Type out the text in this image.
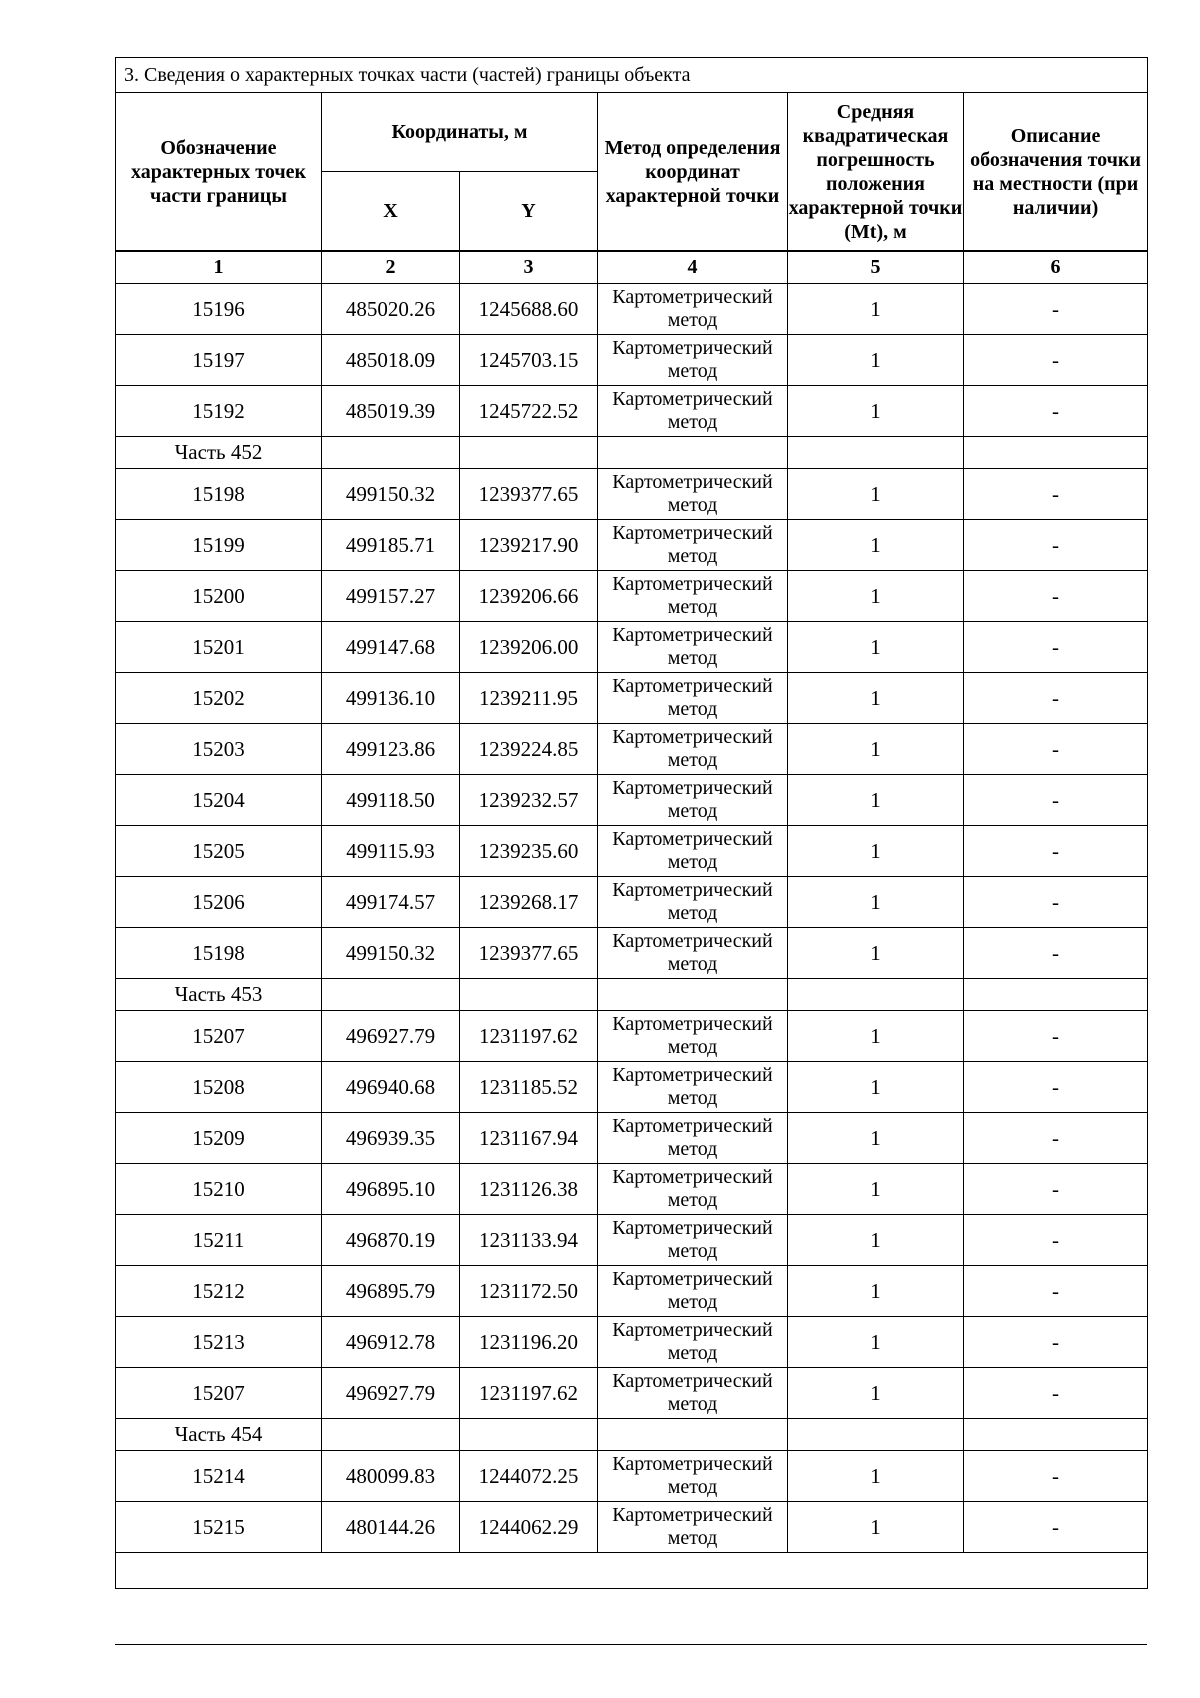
3. Сведения о характерных точках части (частей) границы объекта					
Обозначение характерных точек части границы	Координаты, м		Метод определения координат характерной точки	Средняя квадратическая погрешность положения характерной точки (Mt), м	Описание обозначения точки на местности (при наличии)
	X	Y			
1	2	3	4	5	6
15196	485020.26	1245688.60	Картометрический метод	1	-
15197	485018.09	1245703.15	Картометрический метод	1	-
15192	485019.39	1245722.52	Картометрический метод	1	-
Часть 452					
15198	499150.32	1239377.65	Картометрический метод	1	-
15199	499185.71	1239217.90	Картометрический метод	1	-
15200	499157.27	1239206.66	Картометрический метод	1	-
15201	499147.68	1239206.00	Картометрический метод	1	-
15202	499136.10	1239211.95	Картометрический метод	1	-
15203	499123.86	1239224.85	Картометрический метод	1	-
15204	499118.50	1239232.57	Картометрический метод	1	-
15205	499115.93	1239235.60	Картометрический метод	1	-
15206	499174.57	1239268.17	Картометрический метод	1	-
15198	499150.32	1239377.65	Картометрический метод	1	-
Часть 453					
15207	496927.79	1231197.62	Картометрический метод	1	-
15208	496940.68	1231185.52	Картометрический метод	1	-
15209	496939.35	1231167.94	Картометрический метод	1	-
15210	496895.10	1231126.38	Картометрический метод	1	-
15211	496870.19	1231133.94	Картометрический метод	1	-
15212	496895.79	1231172.50	Картометрический метод	1	-
15213	496912.78	1231196.20	Картометрический метод	1	-
15207	496927.79	1231197.62	Картометрический метод	1	-
Часть 454					
15214	480099.83	1244072.25	Картометрический метод	1	-
15215	480144.26	1244062.29	Картометрический метод	1	-
